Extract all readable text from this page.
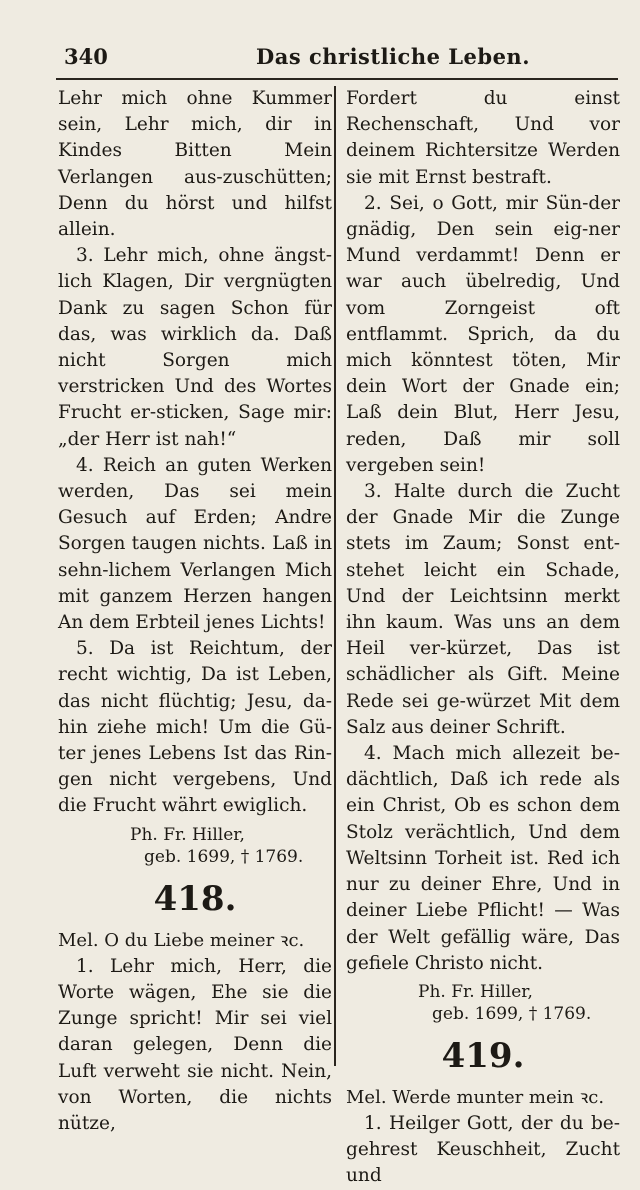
340	Das christliche Leben.

Lehr mich ohne Kummer sein, Lehr mich, dir in Kindes Bitten Mein Verlangen aus-zuschütten; Denn du hörst und hilfst allein.

3. Lehr mich, ohne ängst-lich Klagen, Dir vergnügten Dank zu sagen Schon für das, was wirklich da. Daß nicht Sorgen mich verstricken Und des Wortes Frucht er-sticken, Sage mir: „der Herr ist nah!“

4. Reich an guten Werken werden, Das sei mein Gesuch auf Erden; Andre Sorgen taugen nichts. Laß in sehn-lichem Verlangen Mich mit ganzem Herzen hangen An dem Erbteil jenes Lichts!

5. Da ist Reichtum, der recht wichtig, Da ist Leben, das nicht flüchtig; Jesu, da-hin ziehe mich! Um die Gü-ter jenes Lebens Ist das Rin-gen nicht vergebens, Und die Frucht währt ewiglich.

Ph. Fr. Hiller,
geb. 1699, † 1769.
418.

Mel. O du Liebe meiner ꝛc.

1. Lehr mich, Herr, die Worte wägen, Ehe sie die Zunge spricht! Mir sei viel daran gelegen, Denn die Luft verweht sie nicht. Nein, von Worten, die nichts nütze,

Fordert du einst Rechenschaft, Und vor deinem Richtersitze Werden sie mit Ernst bestraft.

2. Sei, o Gott, mir Sün-der gnädig, Den sein eig-ner Mund verdammt! Denn er war auch übelredig, Und vom Zorngeist oft entflammt. Sprich, da du mich könntest töten, Mir dein Wort der Gnade ein; Laß dein Blut, Herr Jesu, reden, Daß mir soll vergeben sein!

3. Halte durch die Zucht der Gnade Mir die Zunge stets im Zaum; Sonst ent-stehet leicht ein Schade, Und der Leichtsinn merkt ihn kaum. Was uns an dem Heil ver-kürzet, Das ist schädlicher als Gift. Meine Rede sei ge-würzet Mit dem Salz aus deiner Schrift.

4. Mach mich allezeit be-dächtlich, Daß ich rede als ein Christ, Ob es schon dem Stolz verächtlich, Und dem Weltsinn Torheit ist. Red ich nur zu deiner Ehre, Und in deiner Liebe Pflicht! — Was der Welt gefällig wäre, Das gefiele Christo nicht.

Ph. Fr. Hiller,
geb. 1699, † 1769.
419.

Mel. Werde munter mein ꝛc.

1. Heilger Gott, der du be-gehrest Keuschheit, Zucht und
